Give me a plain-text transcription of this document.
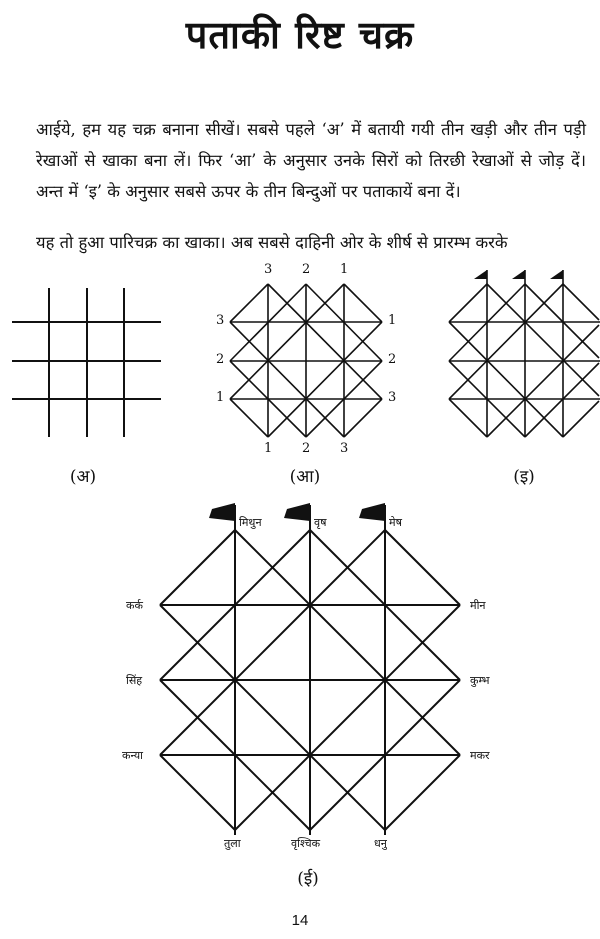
पताकी रिष्ट चक्र
आईये, हम यह चक्र बनाना सीखें। सबसे पहले ‘अ’ में बतायी गयी तीन खड़ी और तीन पड़ी रेखाओं से खाका बना लें। फिर ‘आ’ के अनुसार उनके सिरों को तिरछी रेखाओं से जोड़ दें। अन्त में ‘इ’ के अनुसार सबसे ऊपर के तीन बिन्दुओं पर पताकायें बना दें।
यह तो हुआ पारिचक्र का खाका। अब सबसे दाहिनी ओर के शीर्ष से प्रारम्भ करके
3 2 1
3
2
1
1
2
3
1 2 3
(अ)	(आ)	(इ)
(ई)
मिथुन	वृष	मेष
कर्क	मीन
सिंह	कुम्भ
कन्या	मकर
तुला	वृश्चिक	धनु
14
